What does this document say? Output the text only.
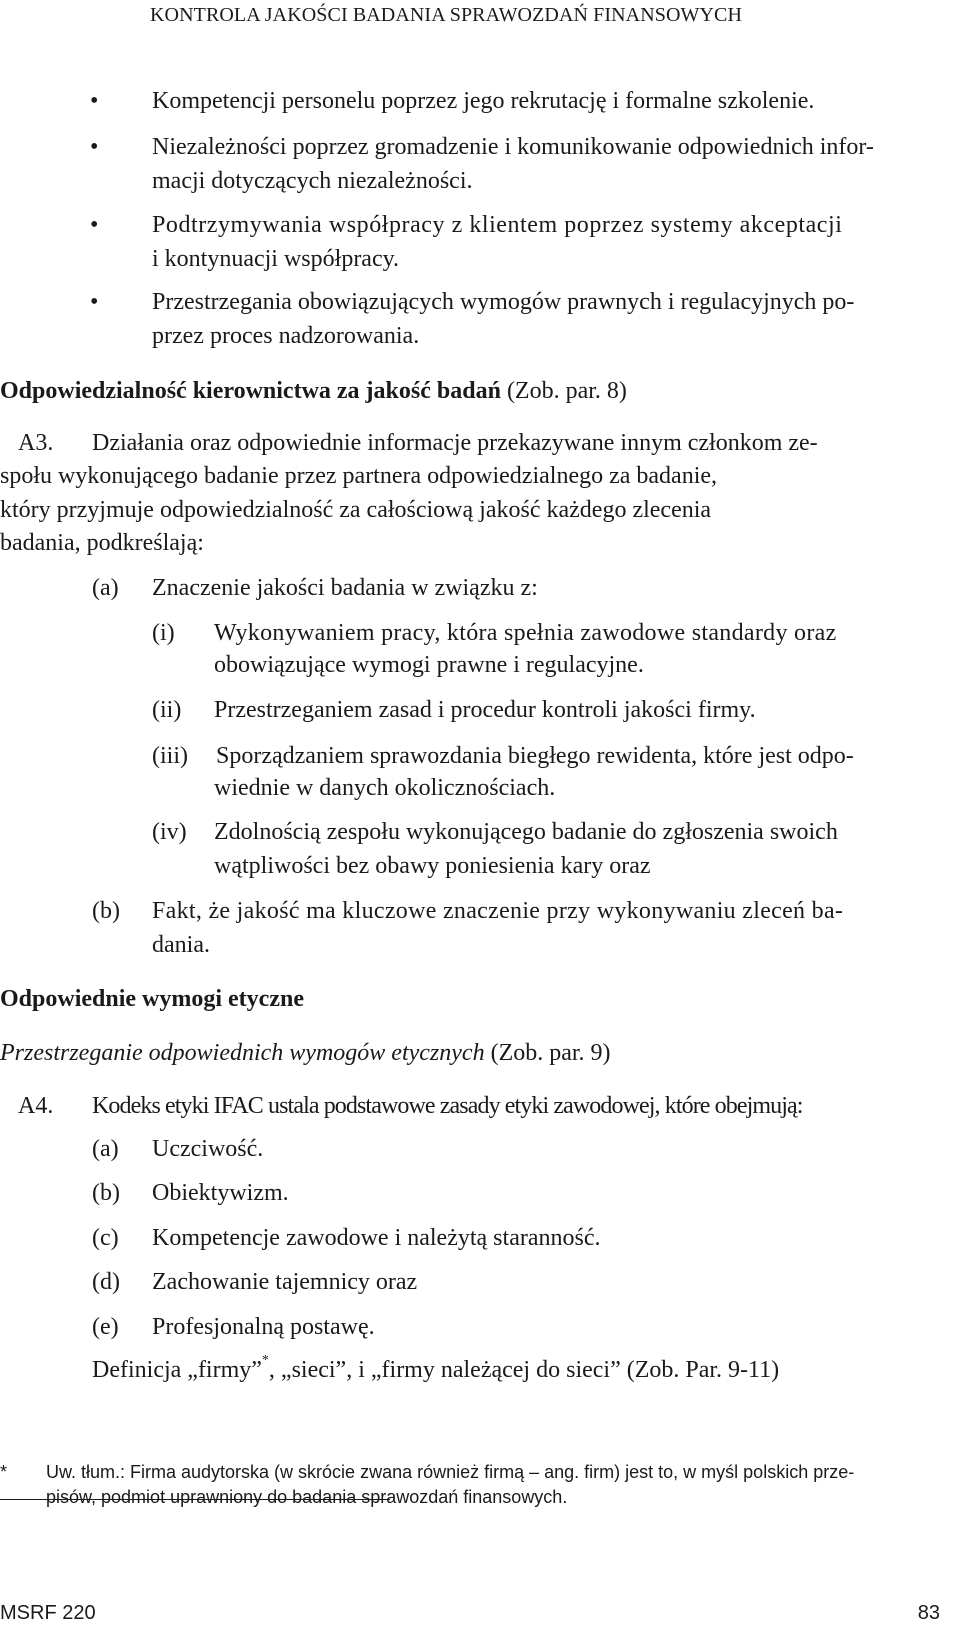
KONTROLA JAKOŚCI BADANIA SPRAWOZDAŃ FINANSOWYCH
• Kompetencji personelu poprzez jego rekrutację i formalne szkolenie.
• Niezależności poprzez gromadzenie i komunikowanie odpowiednich infor-
macji dotyczących niezależności.
• Podtrzymywania współpracy z klientem poprzez systemy akceptacji
i kontynuacji współpracy.
• Przestrzegania obowiązujących wymogów prawnych i regulacyjnych po-
przez proces nadzorowania.
Odpowiedzialność kierownictwa za jakość badań (Zob. par. 8)
A3. Działania oraz odpowiednie informacje przekazywane innym członkom ze-
społu wykonującego badanie przez partnera odpowiedzialnego za badanie,
który przyjmuje odpowiedzialność za całościową jakość każdego zlecenia
badania, podkreślają:
(a) Znaczenie jakości badania w związku z:
(i) Wykonywaniem pracy, która spełnia zawodowe standardy oraz
obowiązujące wymogi prawne i regulacyjne.
(ii) Przestrzeganiem zasad i procedur kontroli jakości firmy.
(iii) Sporządzaniem sprawozdania biegłego rewidenta, które jest odpo-
wiednie w danych okolicznościach.
(iv) Zdolnością zespołu wykonującego badanie do zgłoszenia swoich
wątpliwości bez obawy poniesienia kary oraz
(b) Fakt, że jakość ma kluczowe znaczenie przy wykonywaniu zleceń ba-
dania.
Odpowiednie wymogi etyczne
Przestrzeganie odpowiednich wymogów etycznych (Zob. par. 9)
A4. Kodeks etyki IFAC ustala podstawowe zasady etyki zawodowej, które obejmują:
(a) Uczciwość.
(b) Obiektywizm.
(c) Kompetencje zawodowe i należytą staranność.
(d) Zachowanie tajemnicy oraz
(e) Profesjonalną postawę.
Definicja „firmy”*, „sieci”, i „firmy należącej do sieci” (Zob. Par. 9-11)
* Uw. tłum.: Firma audytorska (w skrócie zwana również firmą – ang. firm) jest to, w myśl polskich prze-
pisów, podmiot uprawniony do badania sprawozdań finansowych.
MSRF 220	83
